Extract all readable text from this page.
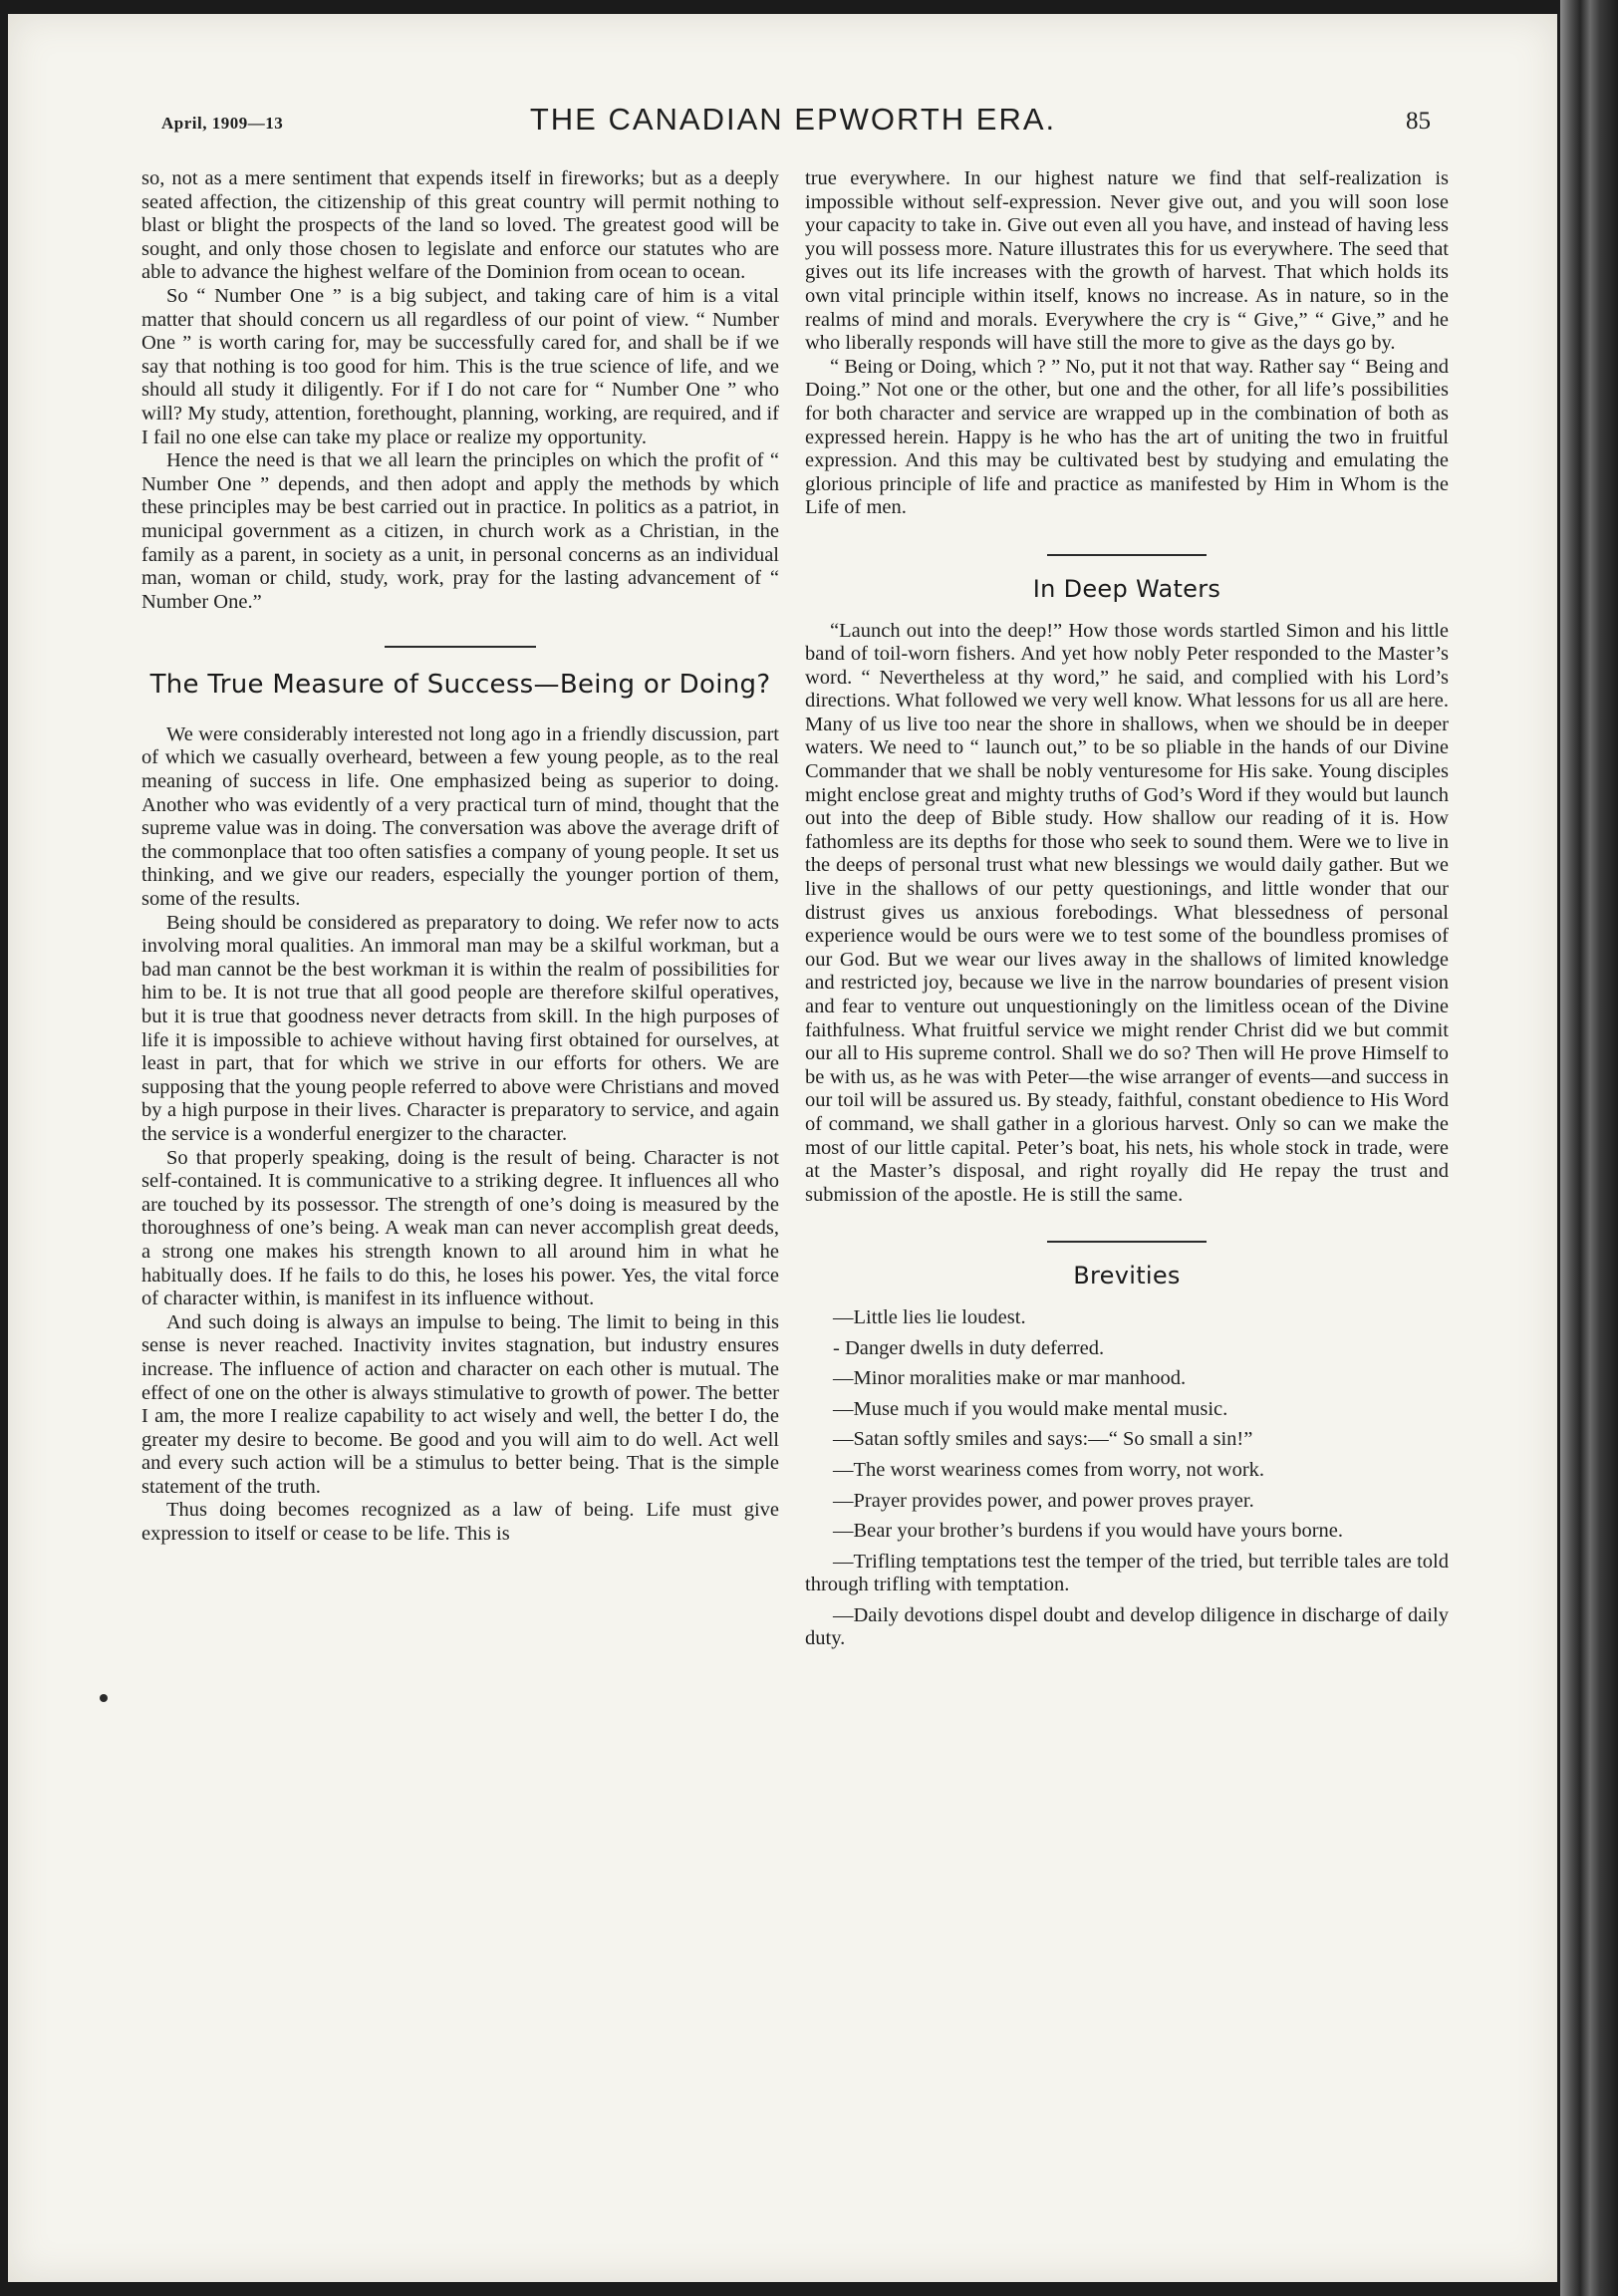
April, 1909—13	THE CANADIAN EPWORTH ERA.	85

so, not as a mere sentiment that expends itself in fireworks; but as a deeply seated affection, the citizenship of this great country will permit nothing to blast or blight the prospects of the land so loved. The greatest good will be sought, and only those chosen to legislate and enforce our statutes who are able to advance the highest welfare of the Dominion from ocean to ocean.

So “ Number One ” is a big subject, and taking care of him is a vital matter that should concern us all regardless of our point of view. “ Number One ” is worth caring for, may be successfully cared for, and shall be if we say that nothing is too good for him. This is the true science of life, and we should all study it diligently. For if I do not care for “ Number One ” who will? My study, attention, forethought, planning, working, are required, and if I fail no one else can take my place or realize my opportunity.

Hence the need is that we all learn the principles on which the profit of “ Number One ” depends, and then adopt and apply the methods by which these principles may be best carried out in practice. In politics as a patriot, in municipal government as a citizen, in church work as a Christian, in the family as a parent, in society as a unit, in personal concerns as an individual man, woman or child, study, work, pray for the lasting advancement of “ Number One.”

The True Measure of Success—Being or Doing?

We were considerably interested not long ago in a friendly discussion, part of which we casually overheard, between a few young people, as to the real meaning of success in life. One emphasized being as superior to doing. Another who was evidently of a very practical turn of mind, thought that the supreme value was in doing. The conversation was above the average drift of the commonplace that too often satisfies a company of young people. It set us thinking, and we give our readers, especially the younger portion of them, some of the results.

Being should be considered as preparatory to doing. We refer now to acts involving moral qualities. An immoral man may be a skilful workman, but a bad man cannot be the best workman it is within the realm of possibilities for him to be. It is not true that all good people are therefore skilful operatives, but it is true that goodness never detracts from skill. In the high purposes of life it is impossible to achieve without having first obtained for ourselves, at least in part, that for which we strive in our efforts for others. We are supposing that the young people referred to above were Christians and moved by a high purpose in their lives. Character is preparatory to service, and again the service is a wonderful energizer to the character.

So that properly speaking, doing is the result of being. Character is not self-contained. It is communicative to a striking degree. It influences all who are touched by its possessor. The strength of one’s doing is measured by the thoroughness of one’s being. A weak man can never accomplish great deeds, a strong one makes his strength known to all around him in what he habitually does. If he fails to do this, he loses his power. Yes, the vital force of character within, is manifest in its influence without.

And such doing is always an impulse to being. The limit to being in this sense is never reached. Inactivity invites stagnation, but industry ensures increase. The influence of action and character on each other is mutual. The effect of one on the other is always stimulative to growth of power. The better I am, the more I realize capability to act wisely and well, the better I do, the greater my desire to become. Be good and you will aim to do well. Act well and every such action will be a stimulus to better being. That is the simple statement of the truth.

Thus doing becomes recognized as a law of being. Life must give expression to itself or cease to be life. This is

true everywhere. In our highest nature we find that self-realization is impossible without self-expression. Never give out, and you will soon lose your capacity to take in. Give out even all you have, and instead of having less you will possess more. Nature illustrates this for us everywhere. The seed that gives out its life increases with the growth of harvest. That which holds its own vital principle within itself, knows no increase. As in nature, so in the realms of mind and morals. Everywhere the cry is “ Give,” “ Give,” and he who liberally responds will have still the more to give as the days go by.

“ Being or Doing, which ? ” No, put it not that way. Rather say “ Being and Doing.” Not one or the other, but one and the other, for all life’s possibilities for both character and service are wrapped up in the combination of both as expressed herein. Happy is he who has the art of uniting the two in fruitful expression. And this may be cultivated best by studying and emulating the glorious principle of life and practice as manifested by Him in Whom is the Life of men.

In Deep Waters

“Launch out into the deep!” How those words startled Simon and his little band of toil-worn fishers. And yet how nobly Peter responded to the Master’s word. “ Nevertheless at thy word,” he said, and complied with his Lord’s directions. What followed we very well know. What lessons for us all are here. Many of us live too near the shore in shallows, when we should be in deeper waters. We need to “ launch out,” to be so pliable in the hands of our Divine Commander that we shall be nobly venturesome for His sake. Young disciples might enclose great and mighty truths of God’s Word if they would but launch out into the deep of Bible study. How shallow our reading of it is. How fathomless are its depths for those who seek to sound them. Were we to live in the deeps of personal trust what new blessings we would daily gather. But we live in the shallows of our petty questionings, and little wonder that our distrust gives us anxious forebodings. What blessedness of personal experience would be ours were we to test some of the boundless promises of our God. But we wear our lives away in the shallows of limited knowledge and restricted joy, because we live in the narrow boundaries of present vision and fear to venture out unquestioningly on the limitless ocean of the Divine faithfulness. What fruitful service we might render Christ did we but commit our all to His supreme control. Shall we do so? Then will He prove Himself to be with us, as he was with Peter—the wise arranger of events—and success in our toil will be assured us. By steady, faithful, constant obedience to His Word of command, we shall gather in a glorious harvest. Only so can we make the most of our little capital. Peter’s boat, his nets, his whole stock in trade, were at the Master’s disposal, and right royally did He repay the trust and submission of the apostle. He is still the same.

Brevities

—Little lies lie loudest.

- Danger dwells in duty deferred.

—Minor moralities make or mar manhood.

—Muse much if you would make mental music.

—Satan softly smiles and says:—“ So small a sin!”

—The worst weariness comes from worry, not work.

—Prayer provides power, and power proves prayer.

—Bear your brother’s burdens if you would have yours borne.

—Trifling temptations test the temper of the tried, but terrible tales are told through trifling with temptation.

—Daily devotions dispel doubt and develop diligence in discharge of daily duty.
